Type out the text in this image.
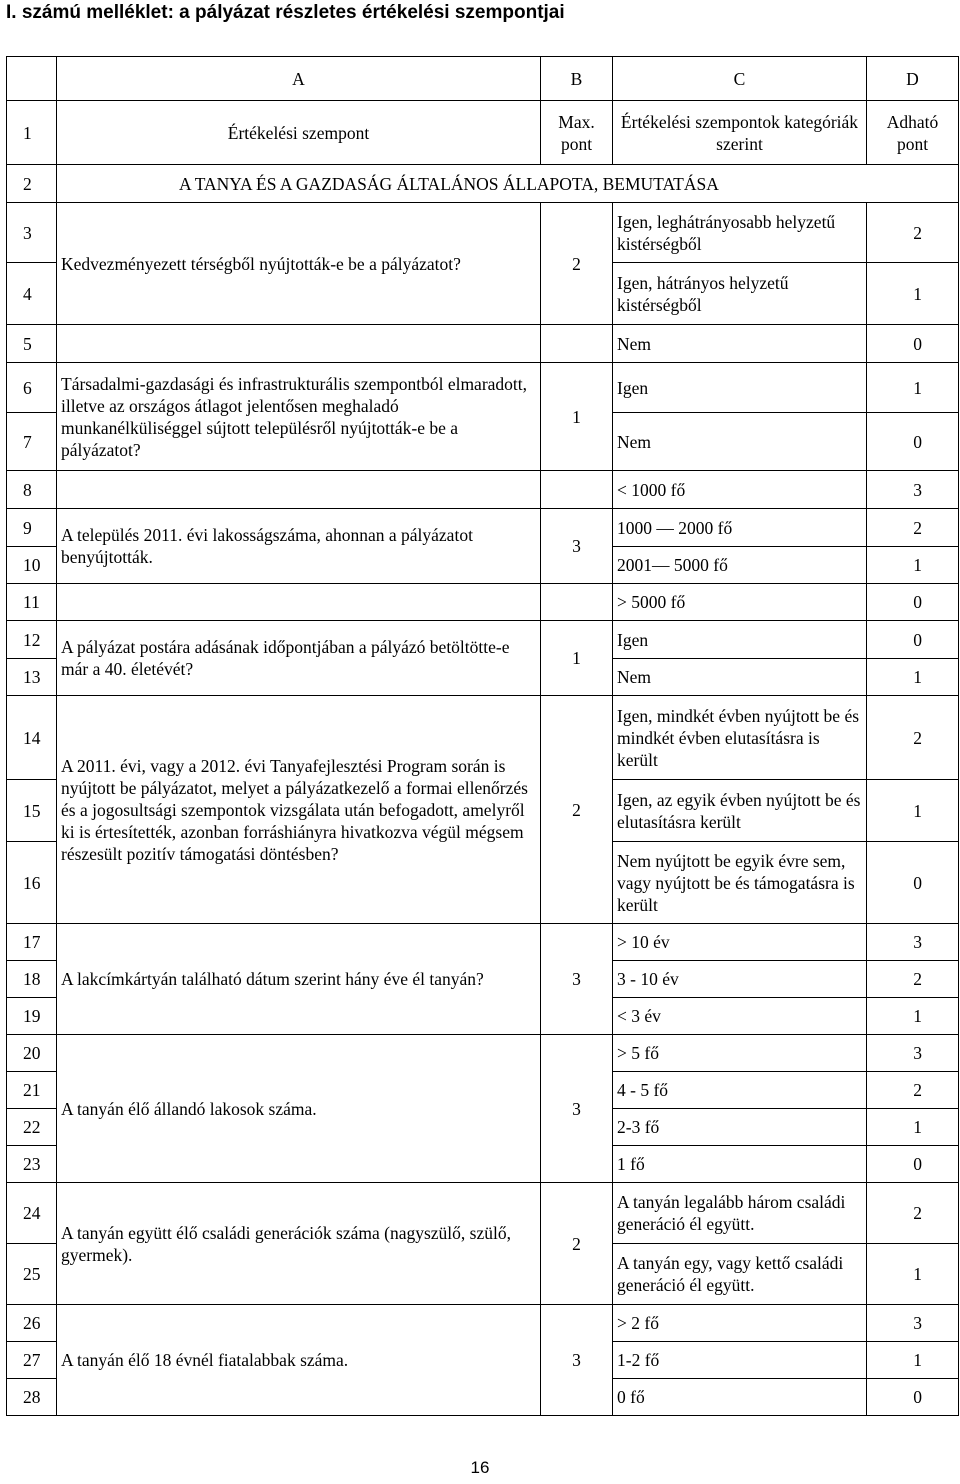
I. számú melléklet: a pályázat részletes értékelési szempontjai
	A	B	C	D
1	Értékelési szempont	Max. pont	Értékelési szempontok kategóriák szerint	Adható pont
2	A TANYA ÉS A GAZDASÁG ÁLTALÁNOS ÁLLAPOTA, BEMUTATÁSA			
3	Kedvezményezett térségből nyújtották-e be a pályázatot?	2	Igen, leghátrányosabb helyzetű kistérségből	2
4			Igen, hátrányos helyzetű kistérségből	1
5			Nem	0
6	Társadalmi-gazdasági és infrastrukturális szempontból elmaradott, illetve az országos átlagot jelentősen meghaladó munkanélküliséggel sújtott településről nyújtották-e be a pályázatot?	1	Igen	1
7			Nem	0
8			< 1000 fő	3
9	A település 2011. évi lakosságszáma, ahonnan a pályázatot benyújtották.	3	1000 — 2000 fő	2
10			2001— 5000 fő	1
11			> 5000 fő	0
12	A pályázat postára adásának időpontjában a pályázó betöltötte-e már a 40. életévét?	1	Igen	0
13			Nem	1
14	A 2011. évi, vagy a 2012. évi Tanyafejlesztési Program során is nyújtott be pályázatot, melyet a pályázatkezelő a formai ellenőrzés és a jogosultsági szempontok vizsgálata után befogadott, amelyről ki is értesítették, azonban forráshiányra hivatkozva végül mégsem részesült pozitív támogatási döntésben?	2	Igen, mindkét évben nyújtott be és mindkét évben elutasításra is került	2
15			Igen, az egyik évben nyújtott be és elutasításra került	1
16			Nem nyújtott be egyik évre sem, vagy nyújtott be és támogatásra is került	0
17	A lakcímkártyán található dátum szerint hány éve él tanyán?	3	> 10 év	3
18			3 - 10 év	2
19			< 3 év	1
20	A tanyán élő állandó lakosok száma.	3	> 5 fő	3
21			4 - 5 fő	2
22			2-3 fő	1
23			1 fő	0
24	A tanyán együtt élő családi generációk száma (nagyszülő, szülő, gyermek).	2	A tanyán legalább három családi generáció él együtt.	2
25			A tanyán egy, vagy kettő családi generáció él együtt.	1
26	A tanyán élő 18 évnél fiatalabbak száma.	3	> 2 fő	3
27			1-2 fő	1
28			0 fő	0
16
